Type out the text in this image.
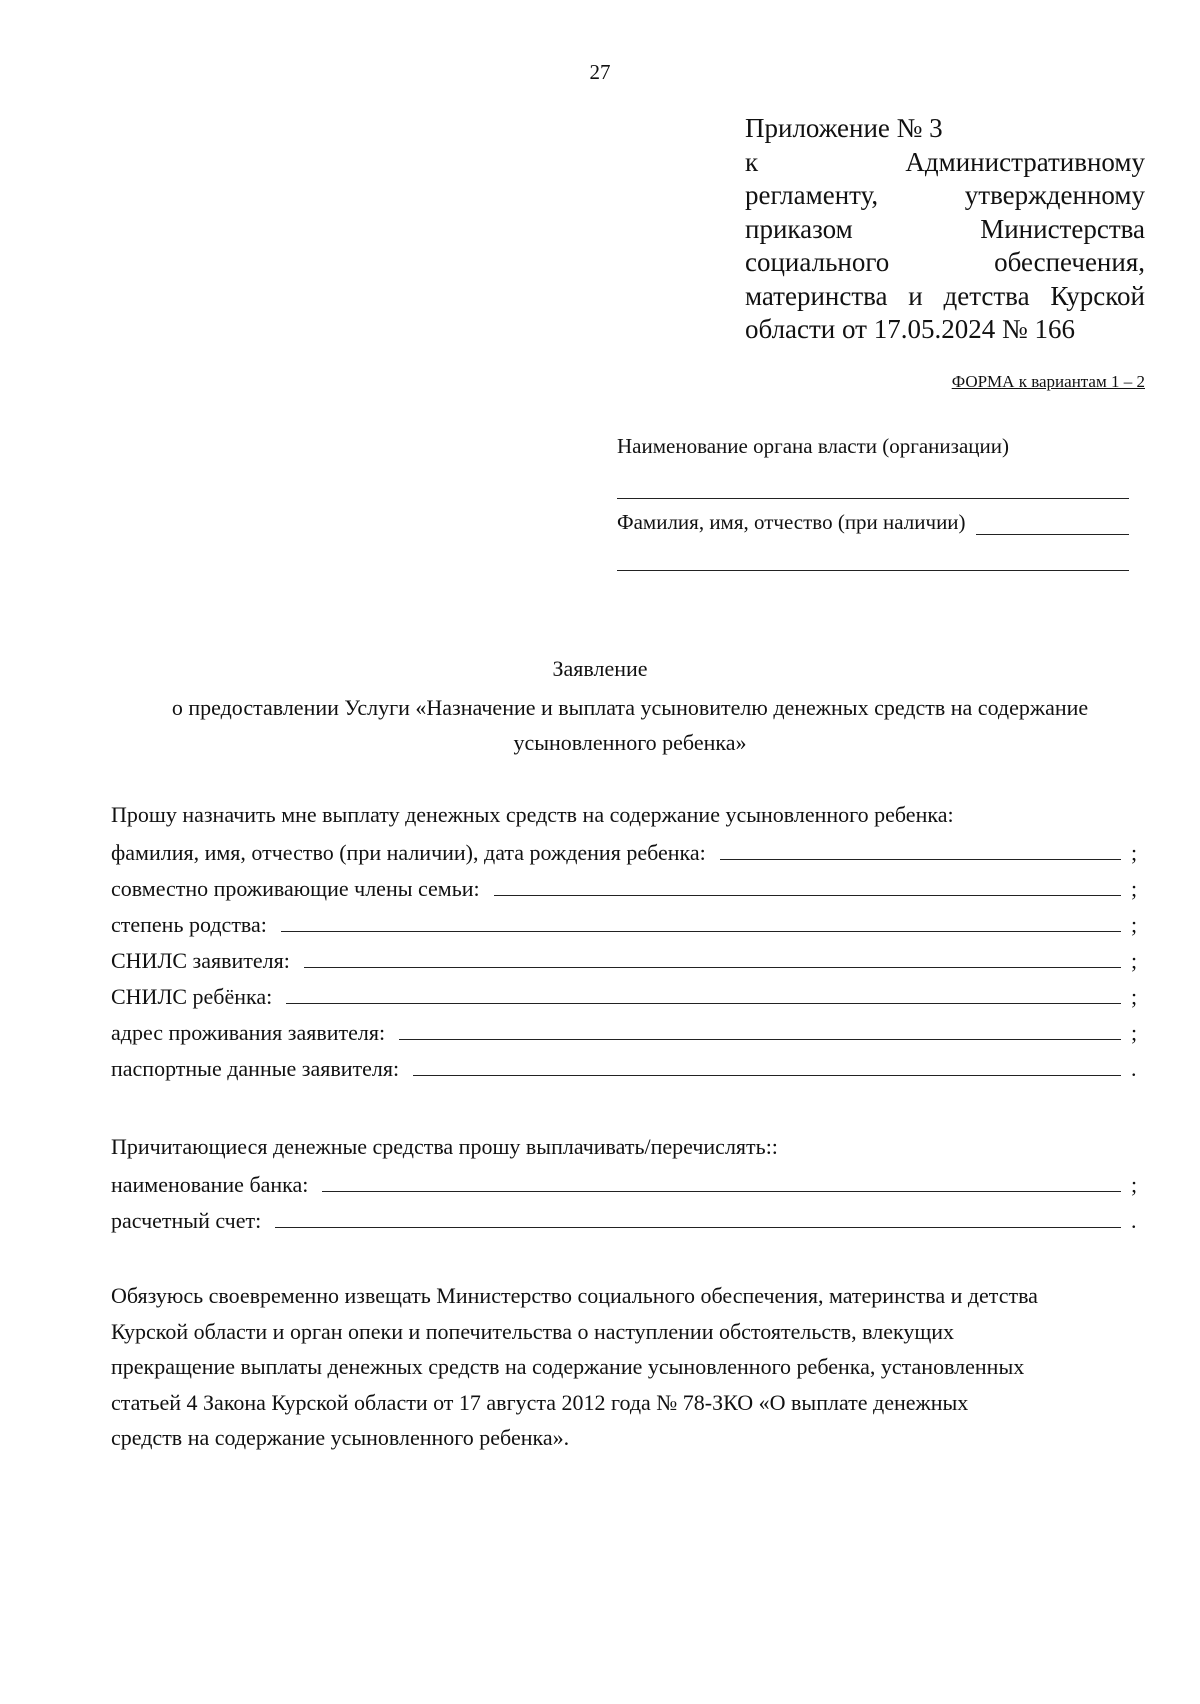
27
Приложение № 3
к Административному
регламенту, утвержденному
приказом Министерства
социального обеспечения,
материнства и детства Курской
области от 17.05.2024 № 166
ФОРМА к вариантам 1 – 2
Наименование органа власти (организации)
Фамилия, имя, отчество (при наличии)
Заявление
о предоставлении Услуги «Назначение и выплата усыновителю денежных средств на содержание усыновленного ребенка»
Прошу назначить мне выплату денежных средств на содержание усыновленного ребенка:
фамилия, имя, отчество (при наличии), дата рождения ребенка:	;
совместно проживающие члены семьи:	;
степень родства:	;
СНИЛС заявителя:	;
СНИЛС ребёнка:	;
адрес проживания заявителя:	;
паспортные данные заявителя:	.
Причитающиеся денежные средства прошу выплачивать/перечислять::
наименование банка:	;
расчетный счет:	.
Обязуюсь своевременно извещать Министерство социального обеспечения, материнства и детства
Курской области и орган опеки и попечительства о наступлении обстоятельств, влекущих
прекращение выплаты денежных средств на содержание усыновленного ребенка, установленных
статьей 4 Закона Курской области от 17 августа 2012 года № 78-ЗКО «О выплате денежных
средств на содержание усыновленного ребенка».
